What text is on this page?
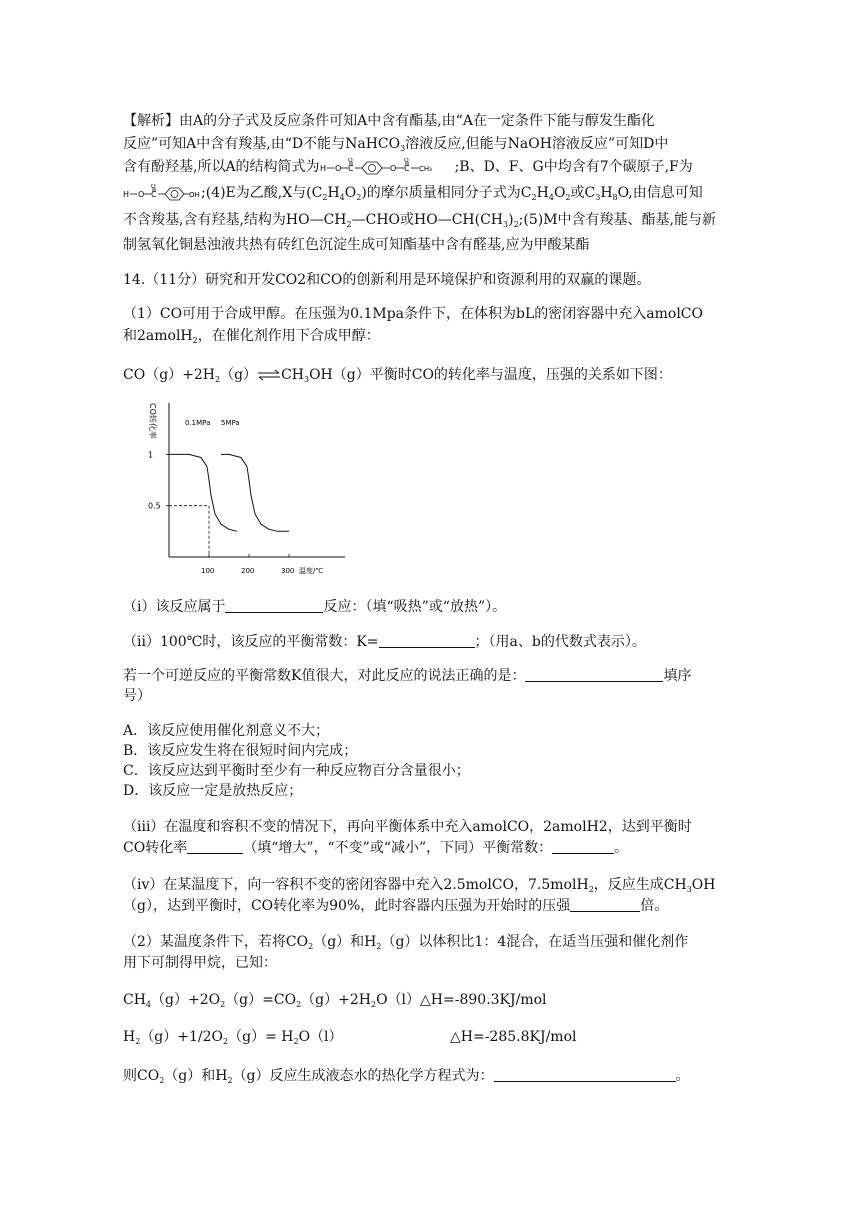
【解析】由A的分子式及反应条件可知A中含有酯基,由“A在一定条件下能与醇发生酯化
反应”可知A中含有羧基,由“D不能与NaHCO$_3$溶液反应,但能与NaOH溶液反应”可知D中
含有酚羟基,所以A的结构简式为 H O C
O
O C
O
CH₃ ;B、D、F、G中均含有7个碳原子,F为
H O C
O
OH ;(4)E为乙酸,X与$(C_2H_4O_2)$的摩尔质量相同分子式为$C_2H_4O_2$或$C_3H_8O$,由信息可知
不含羧基,含有羟基,结构为$HO—CH_2—CHO$或$HO—CH(CH_3)_2;(5)M$中含有羧基、酯基,能与新
制氢氧化铜悬浊液共热有砖红色沉淀生成可知酯基中含有醛基,应为甲酸某酯
14.（11分）研究和开发CO2和CO的创新利用是环境保护和资源利用的双赢的课题。
（1）CO可用于合成甲醇。在压强为0.1Mpa条件下，在体积为bL的密闭容器中充入amolCO
和2amolH$_2$，在催化剂作用下合成甲醇：
$CO(g)+2H_2(g)\rightleftharpoons CH_3OH(g)$平衡时CO的转化率与温度，压强的关系如下图：
CO转化率
1
0.5
100	200	300 温度/℃
0.1MPa 5MPa
（i）该反应属于	反应：（填“吸热”或“放热”）。
（ii）100℃时，该反应的平衡常数：K=	；（用a、b的代数式表示）。
若一个可逆反应的平衡常数K值很大，对此反应的说法正确的是：	填序
号）
A．该反应使用催化剂意义不大；
B．该反应发生将在很短时间内完成；
C．该反应达到平衡时至少有一种反应物百分含量很小；
D．该反应一定是放热反应；
（iii）在温度和容积不变的情况下，再向平衡体系中充入amolCO，2amolH2，达到平衡时
CO转化率	（填“增大”，“不变”或“减小”，下同）平衡常数：	。
（iv）在某温度下，向一容积不变的密闭容器中充入2.5molCO，7.5molH$_2$，反应生成$CH_3OH$
（g），达到平衡时，CO转化率为90%，此时容器内压强为开始时的压强	倍。
（2）某温度条件下，若将$CO_2(g)$和$H_2(g)$以体积比1：4混合，在适当压强和催化剂作
用下可制得甲烷，已知：
$CH_4(g)+2O_2(g)=CO_2(g)+2H_2O(l)\triangle H=-890.3KJ$/mol
$H_2(g)+1/2O_2(g)= H_2O(l)$	△H=-285.8KJ/mol
则$CO_2(g)$和$H_2(g)$反应生成液态水的热化学方程式为：	。
